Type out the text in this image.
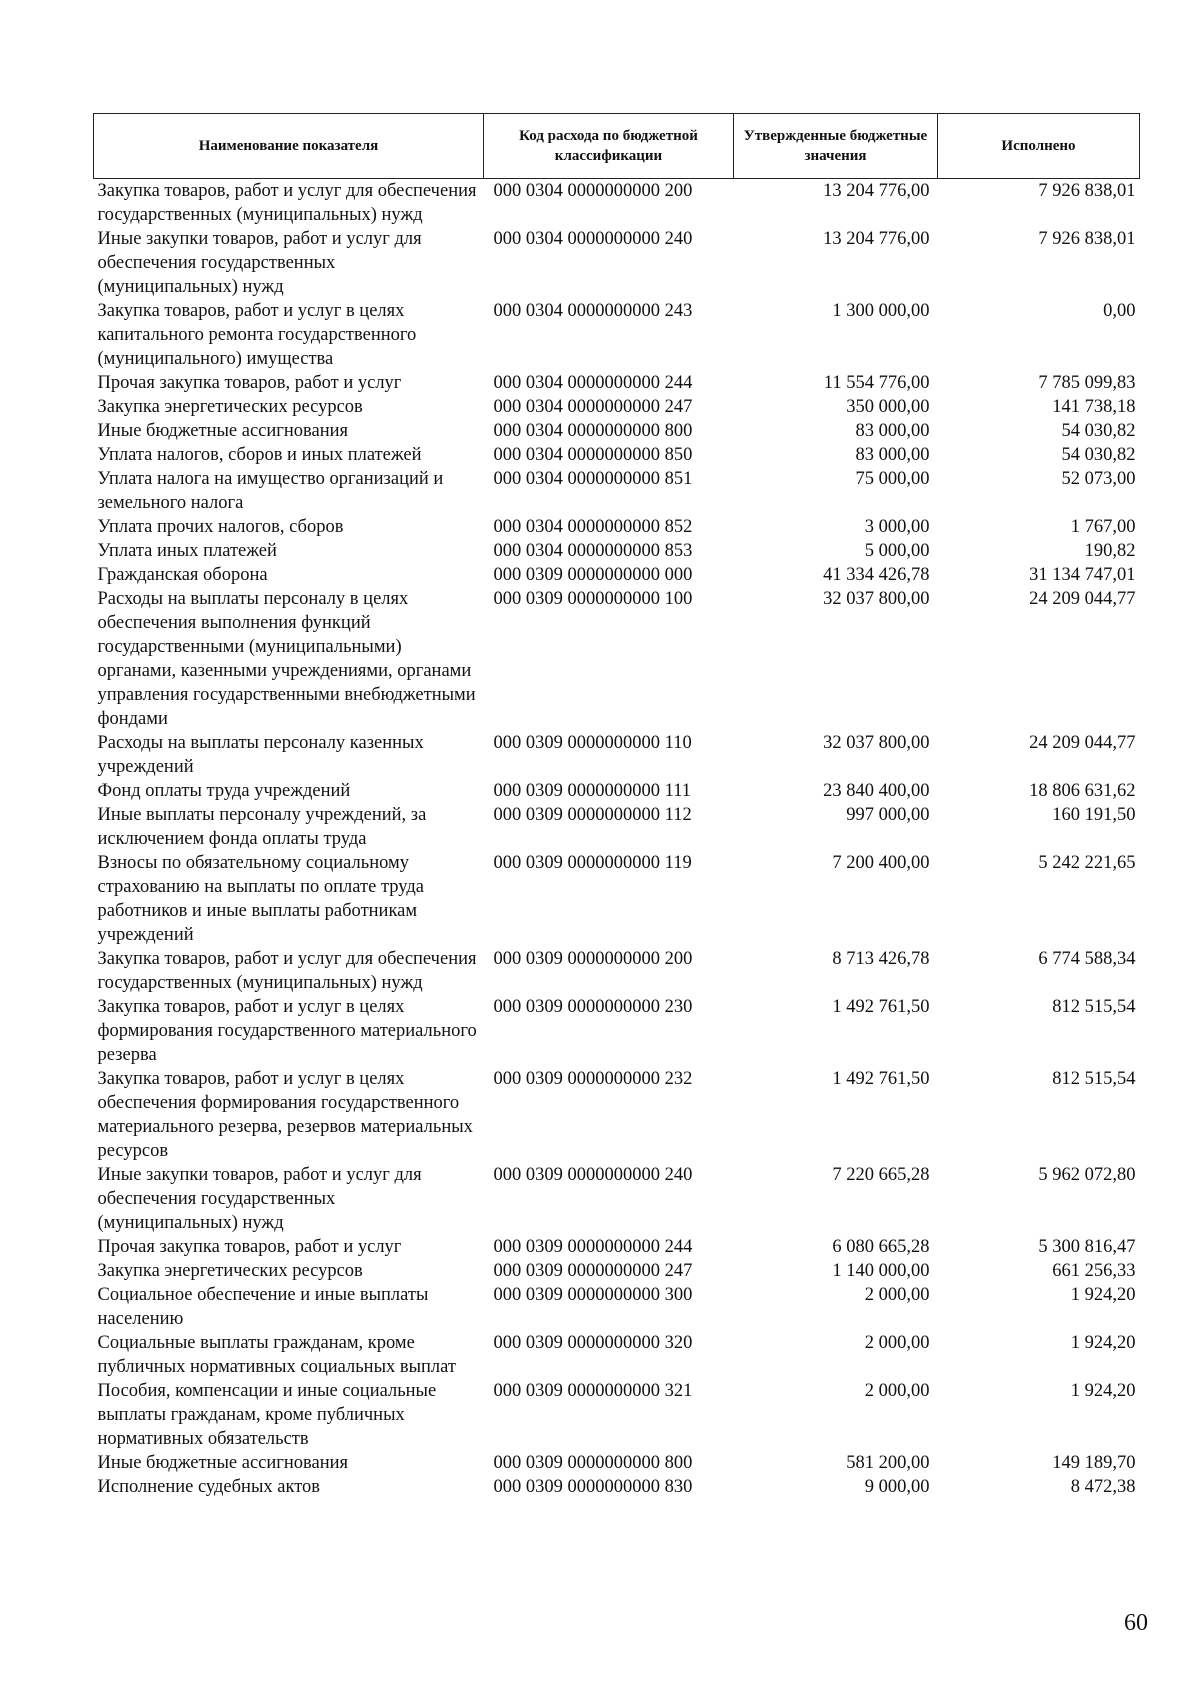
Наименование показателя	Код расхода по бюджетной классификации	Утвержденные бюджетные значения	Исполнено
Закупка товаров, работ и услуг для обеспечения государственных (муниципальных) нужд	000 0304 0000000000 200	13 204 776,00	7 926 838,01
Иные закупки товаров, работ и услуг для обеспечения государственных (муниципальных) нужд	000 0304 0000000000 240	13 204 776,00	7 926 838,01
Закупка товаров, работ и услуг в целях капитального ремонта государственного (муниципального) имущества	000 0304 0000000000 243	1 300 000,00	0,00
Прочая закупка товаров, работ и услуг	000 0304 0000000000 244	11 554 776,00	7 785 099,83
Закупка энергетических ресурсов	000 0304 0000000000 247	350 000,00	141 738,18
Иные бюджетные ассигнования	000 0304 0000000000 800	83 000,00	54 030,82
Уплата налогов, сборов и иных платежей	000 0304 0000000000 850	83 000,00	54 030,82
Уплата налога на имущество организаций и земельного налога	000 0304 0000000000 851	75 000,00	52 073,00
Уплата прочих налогов, сборов	000 0304 0000000000 852	3 000,00	1 767,00
Уплата иных платежей	000 0304 0000000000 853	5 000,00	190,82
Гражданская оборона	000 0309 0000000000 000	41 334 426,78	31 134 747,01
Расходы на выплаты персоналу в целях обеспечения выполнения функций государственными (муниципальными) органами, казенными учреждениями, органами управления государственными внебюджетными фондами	000 0309 0000000000 100	32 037 800,00	24 209 044,77
Расходы на выплаты персоналу казенных учреждений	000 0309 0000000000 110	32 037 800,00	24 209 044,77
Фонд оплаты труда учреждений	000 0309 0000000000 111	23 840 400,00	18 806 631,62
Иные выплаты персоналу учреждений, за исключением фонда оплаты труда	000 0309 0000000000 112	997 000,00	160 191,50
Взносы по обязательному социальному страхованию на выплаты по оплате труда работников и иные выплаты работникам учреждений	000 0309 0000000000 119	7 200 400,00	5 242 221,65
Закупка товаров, работ и услуг для обеспечения государственных (муниципальных) нужд	000 0309 0000000000 200	8 713 426,78	6 774 588,34
Закупка товаров, работ и услуг в целях формирования государственного материального резерва	000 0309 0000000000 230	1 492 761,50	812 515,54
Закупка товаров, работ и услуг в целях обеспечения формирования государственного материального резерва, резервов материальных ресурсов	000 0309 0000000000 232	1 492 761,50	812 515,54
Иные закупки товаров, работ и услуг для обеспечения государственных (муниципальных) нужд	000 0309 0000000000 240	7 220 665,28	5 962 072,80
Прочая закупка товаров, работ и услуг	000 0309 0000000000 244	6 080 665,28	5 300 816,47
Закупка энергетических ресурсов	000 0309 0000000000 247	1 140 000,00	661 256,33
Социальное обеспечение и иные выплаты населению	000 0309 0000000000 300	2 000,00	1 924,20
Социальные выплаты гражданам, кроме публичных нормативных социальных выплат	000 0309 0000000000 320	2 000,00	1 924,20
Пособия, компенсации и иные социальные выплаты гражданам, кроме публичных нормативных обязательств	000 0309 0000000000 321	2 000,00	1 924,20
Иные бюджетные ассигнования	000 0309 0000000000 800	581 200,00	149 189,70
Исполнение судебных актов	000 0309 0000000000 830	9 000,00	8 472,38
60
